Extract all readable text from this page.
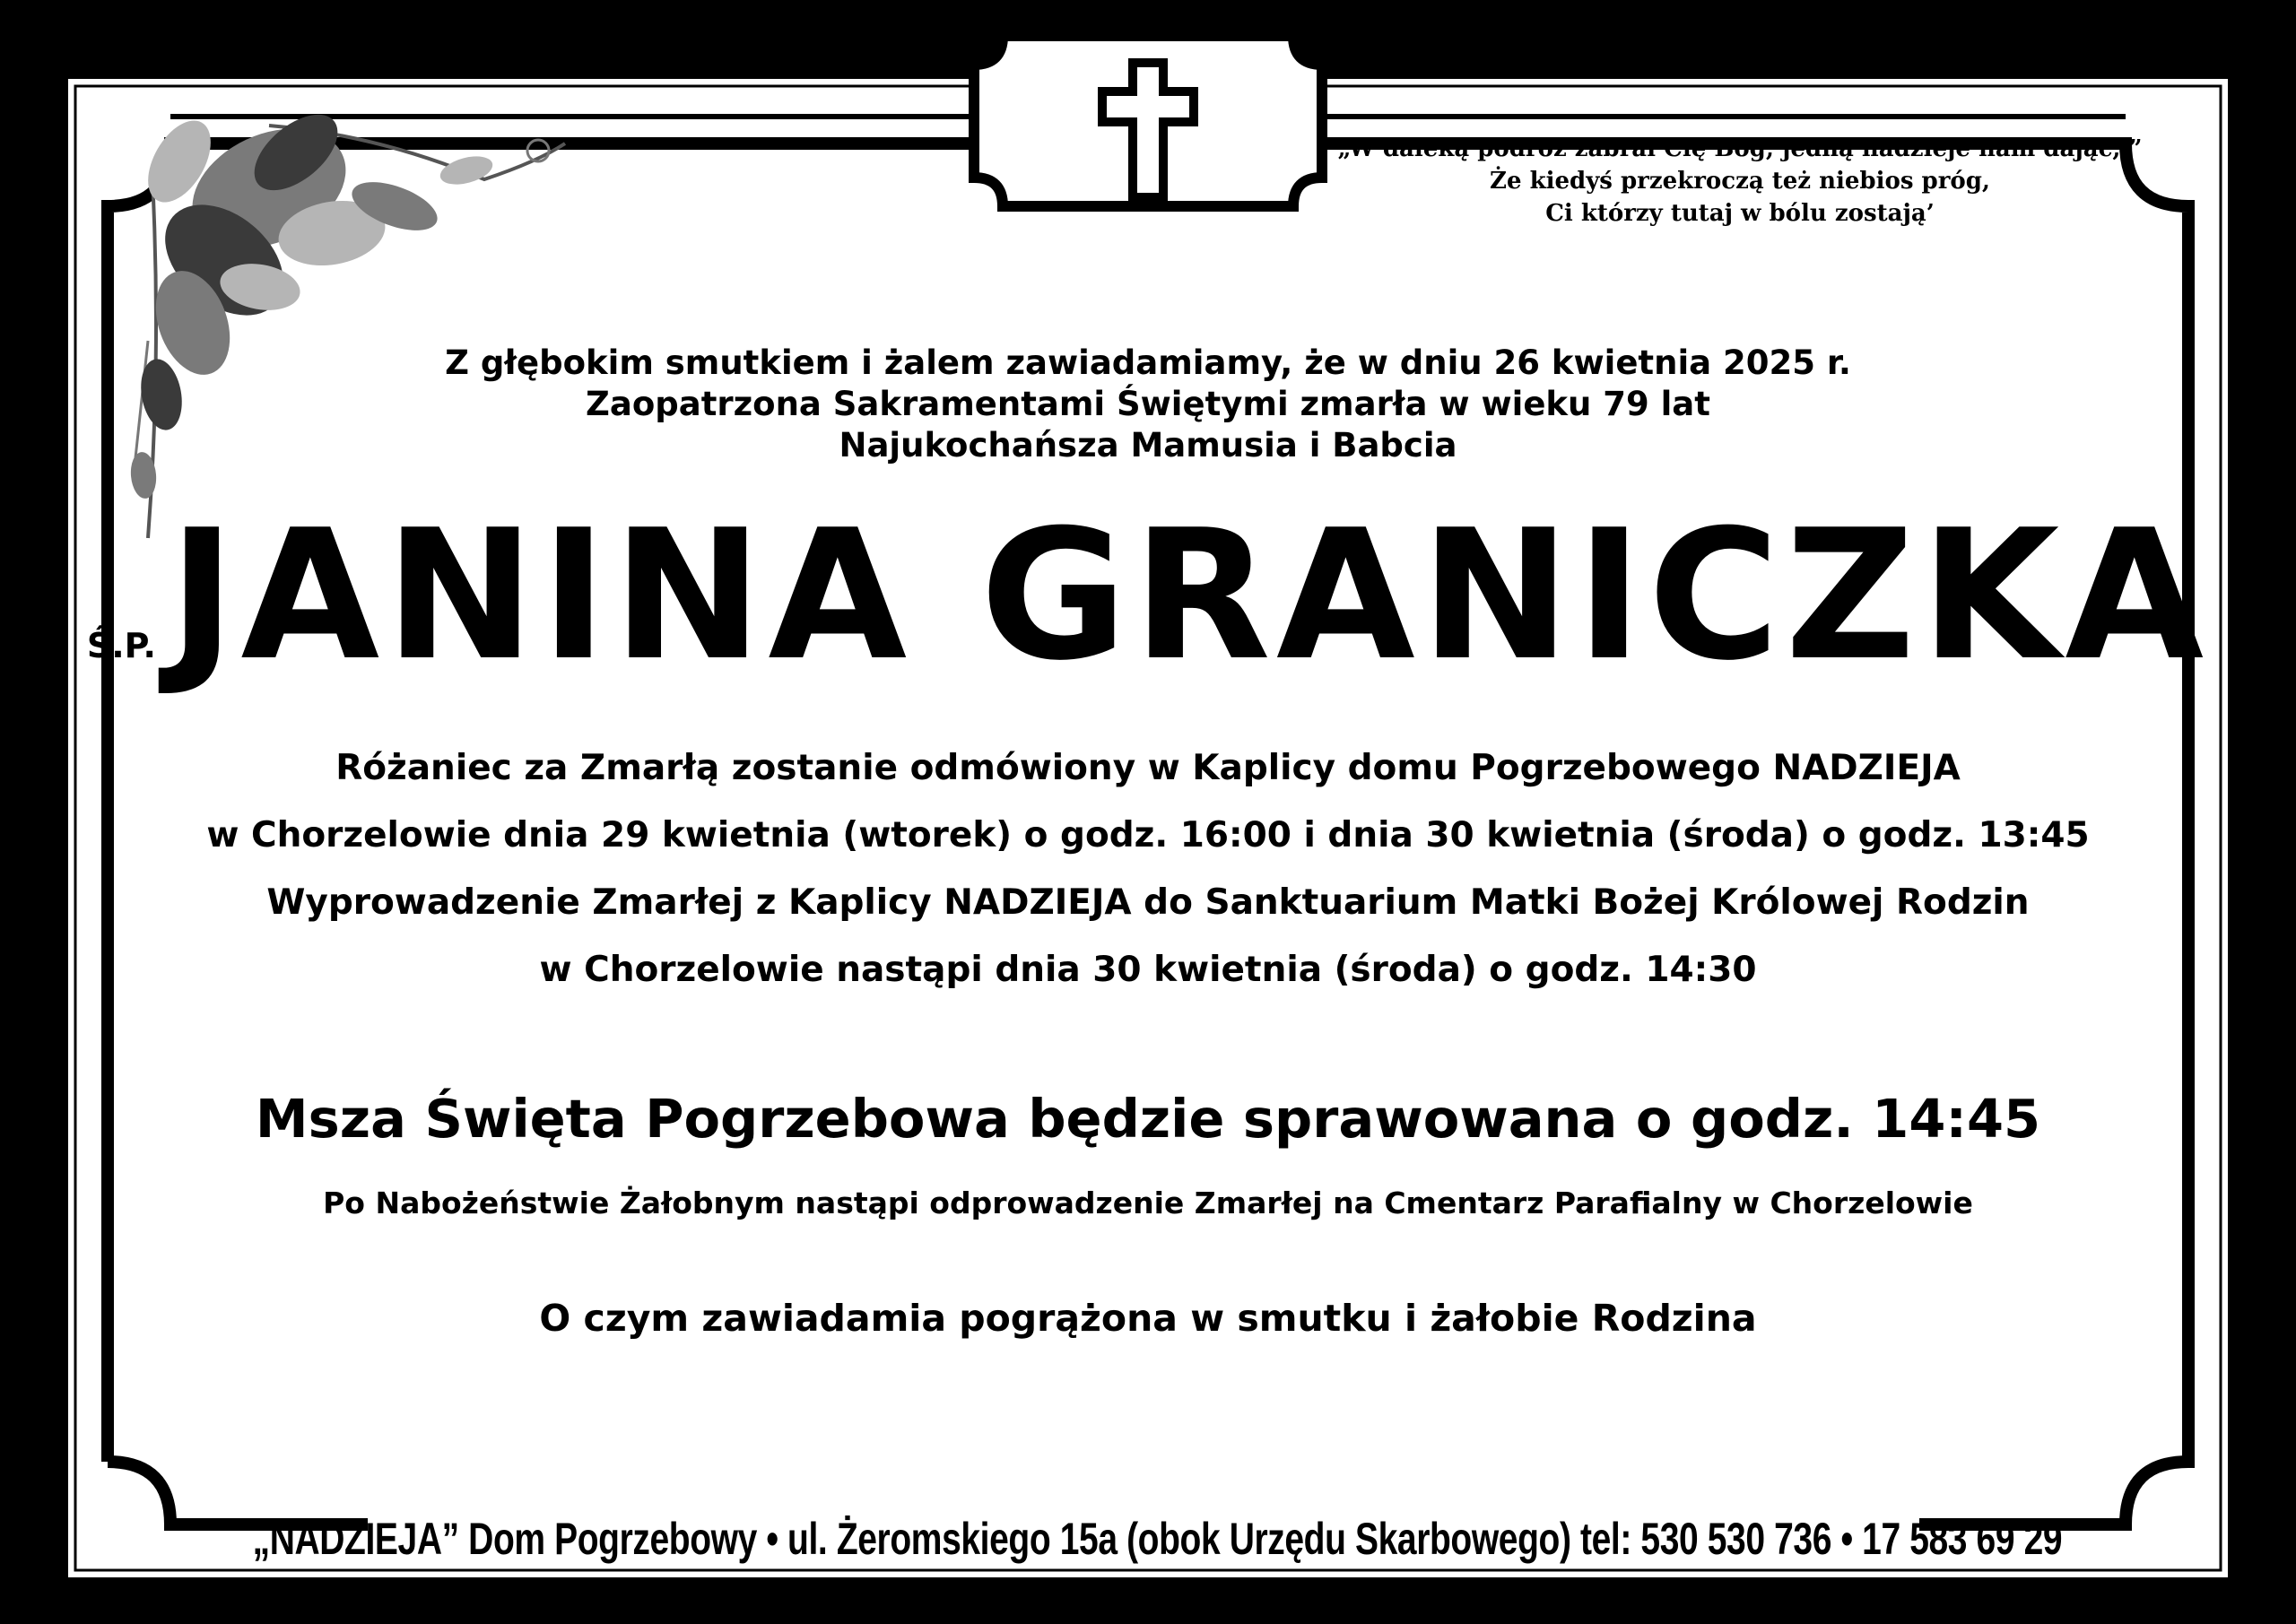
„W daleką podróż zabrał Cię Bóg, jedną nadzieje nam dając, ”
Że kiedyś przekroczą też niebios próg,
Ci którzy tutaj w bólu zostają’
Z głębokim smutkiem i żalem zawiadamiamy, że w dniu 26 kwietnia 2025 r.
Zaopatrzona Sakramentami Świętymi zmarła w wieku 79 lat
Najukochańsza Mamusia i Babcia
Ś.P.JANINA GRANICZKA
Różaniec za Zmarłą zostanie odmówiony w Kaplicy domu Pogrzebowego NADZIEJA
w Chorzelowie dnia 29 kwietnia (wtorek) o godz. 16:00 i dnia 30 kwietnia (środa) o godz. 13:45
Wyprowadzenie Zmarłej z Kaplicy NADZIEJA do Sanktuarium Matki Bożej Królowej Rodzin
w Chorzelowie nastąpi dnia 30 kwietnia (środa) o godz. 14:30
Msza Święta Pogrzebowa będzie sprawowana o godz. 14:45
Po Nabożeństwie Żałobnym nastąpi odprowadzenie Zmarłej na Cmentarz Parafialny w Chorzelowie
O czym zawiadamia pogrążona w smutku i żałobie Rodzina
„NADZIEJA” Dom Pogrzebowy • ul. Żeromskiego 15a (obok Urzędu Skarbowego) tel: 530 530 736 • 17 583 69 29
